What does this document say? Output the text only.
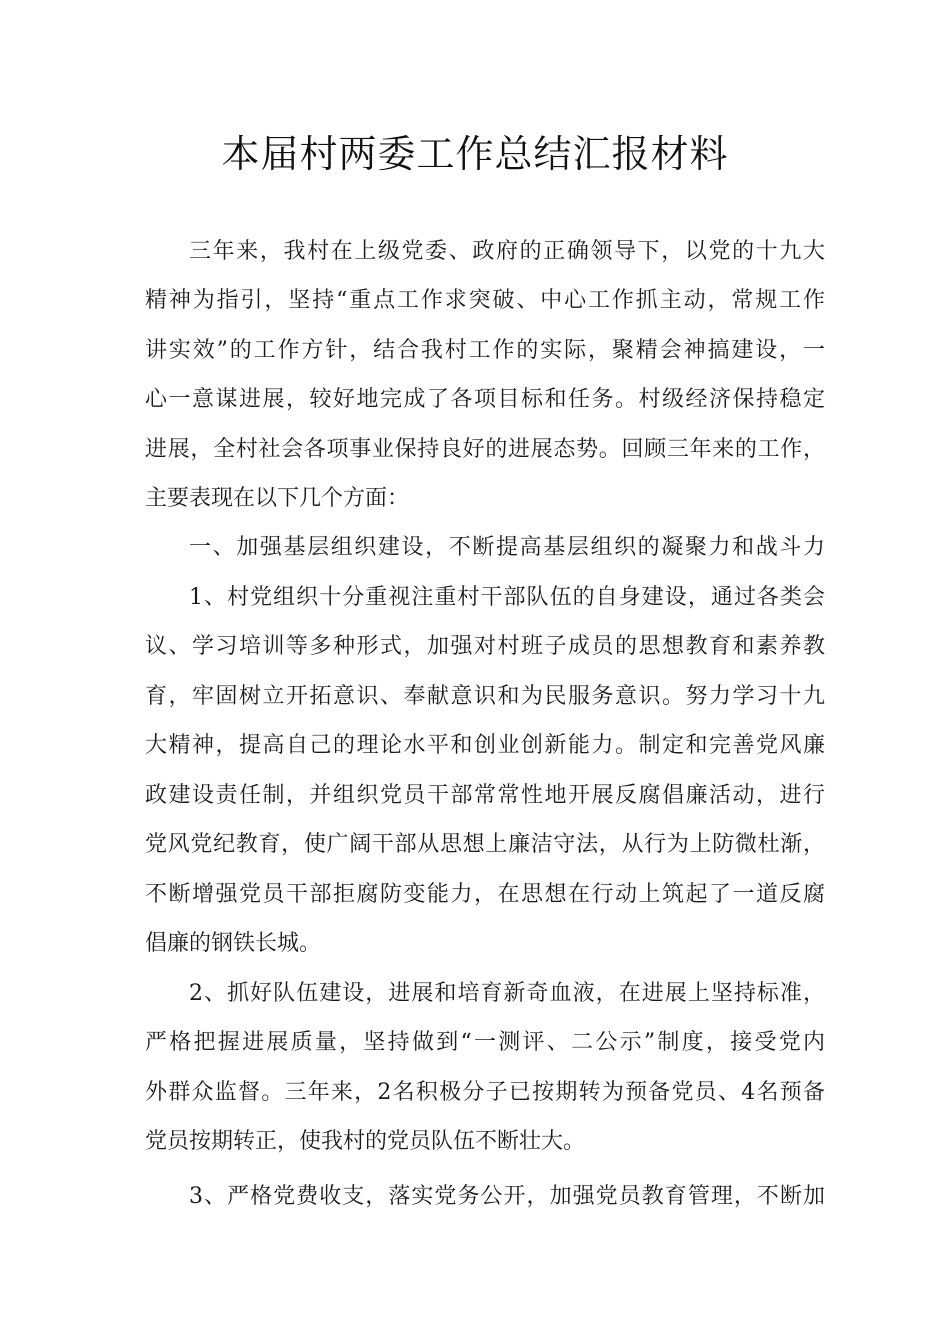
本届村两委工作总结汇报材料
三年来，我村在上级党委、政府的正确领导下，以党的十九大
精神为指引，坚持“重点工作求突破、中心工作抓主动，常规工作
讲实效”的工作方针，结合我村工作的实际，聚精会神搞建设，一
心一意谋进展，较好地完成了各项目标和任务。村级经济保持稳定
进展，全村社会各项事业保持良好的进展态势。回顾三年来的工作，
主要表现在以下几个方面：
一、加强基层组织建设，不断提高基层组织的凝聚力和战斗力
1、村党组织十分重视注重村干部队伍的自身建设，通过各类会
议、学习培训等多种形式，加强对村班子成员的思想教育和素养教
育，牢固树立开拓意识、奉献意识和为民服务意识。努力学习十九
大精神，提高自己的理论水平和创业创新能力。制定和完善党风廉
政建设责任制，并组织党员干部常常性地开展反腐倡廉活动，进行
党风党纪教育，使广阔干部从思想上廉洁守法，从行为上防微杜渐，
不断增强党员干部拒腐防变能力，在思想在行动上筑起了一道反腐
倡廉的钢铁长城。
2、抓好队伍建设，进展和培育新奇血液，在进展上坚持标准，
严格把握进展质量，坚持做到“一测评、二公示”制度，接受党内
外群众监督。三年来，2名积极分子已按期转为预备党员、4名预备
党员按期转正，使我村的党员队伍不断壮大。
3、严格党费收支，落实党务公开，加强党员教育管理，不断加
